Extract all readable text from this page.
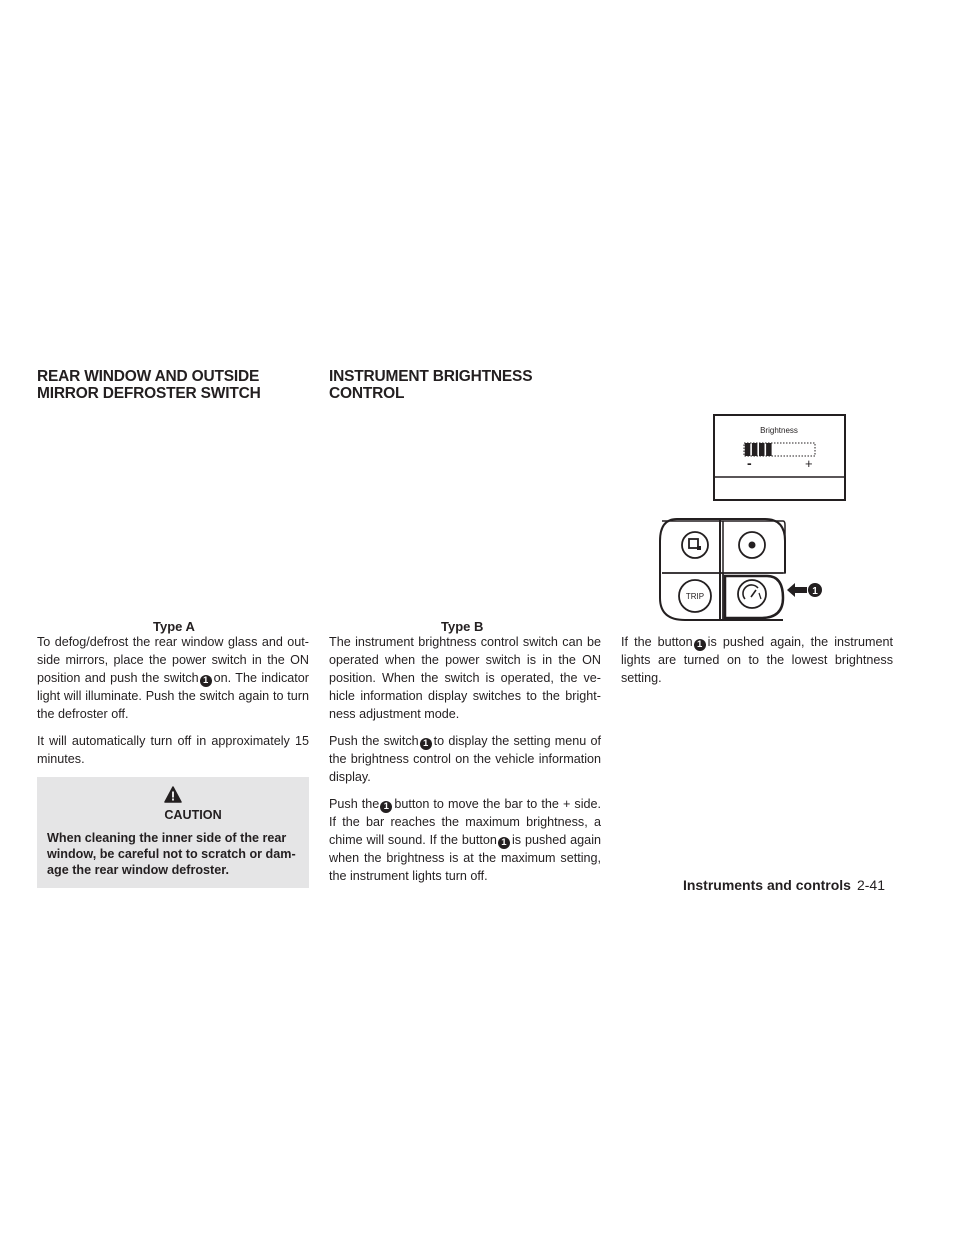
REAR WINDOW AND OUTSIDE
MIRROR DEFROSTER SWITCH
Type A

To defog/defrost the rear window glass and out-side mirrors, place the power switch in the ON position and push the switch 1 on. The indicator light will illuminate. Push the switch again to turn the defroster off.

It will automatically turn off in approximately 15 minutes.

CAUTION
When cleaning the inner side of the rear window, be careful not to scratch or dam-age the rear window defroster.
INSTRUMENT BRIGHTNESS
CONTROL
Type B

The instrument brightness control switch can be operated when the power switch is in the ON position. When the switch is operated, the ve-hicle information display switches to the bright-ness adjustment mode.

Push the switch 1 to display the setting menu of the brightness control on the vehicle information display.

Push the 1 button to move the bar to the + side. If the bar reaches the maximum brightness, a chime will sound. If the button 1 is pushed again when the brightness is at the maximum setting, the instrument lights turn off.

If the button 1 is pushed again, the instrument lights are turned on to the lowest brightness setting.

Brightness
-	+
TRIP	1
Instruments and controls 2-41
